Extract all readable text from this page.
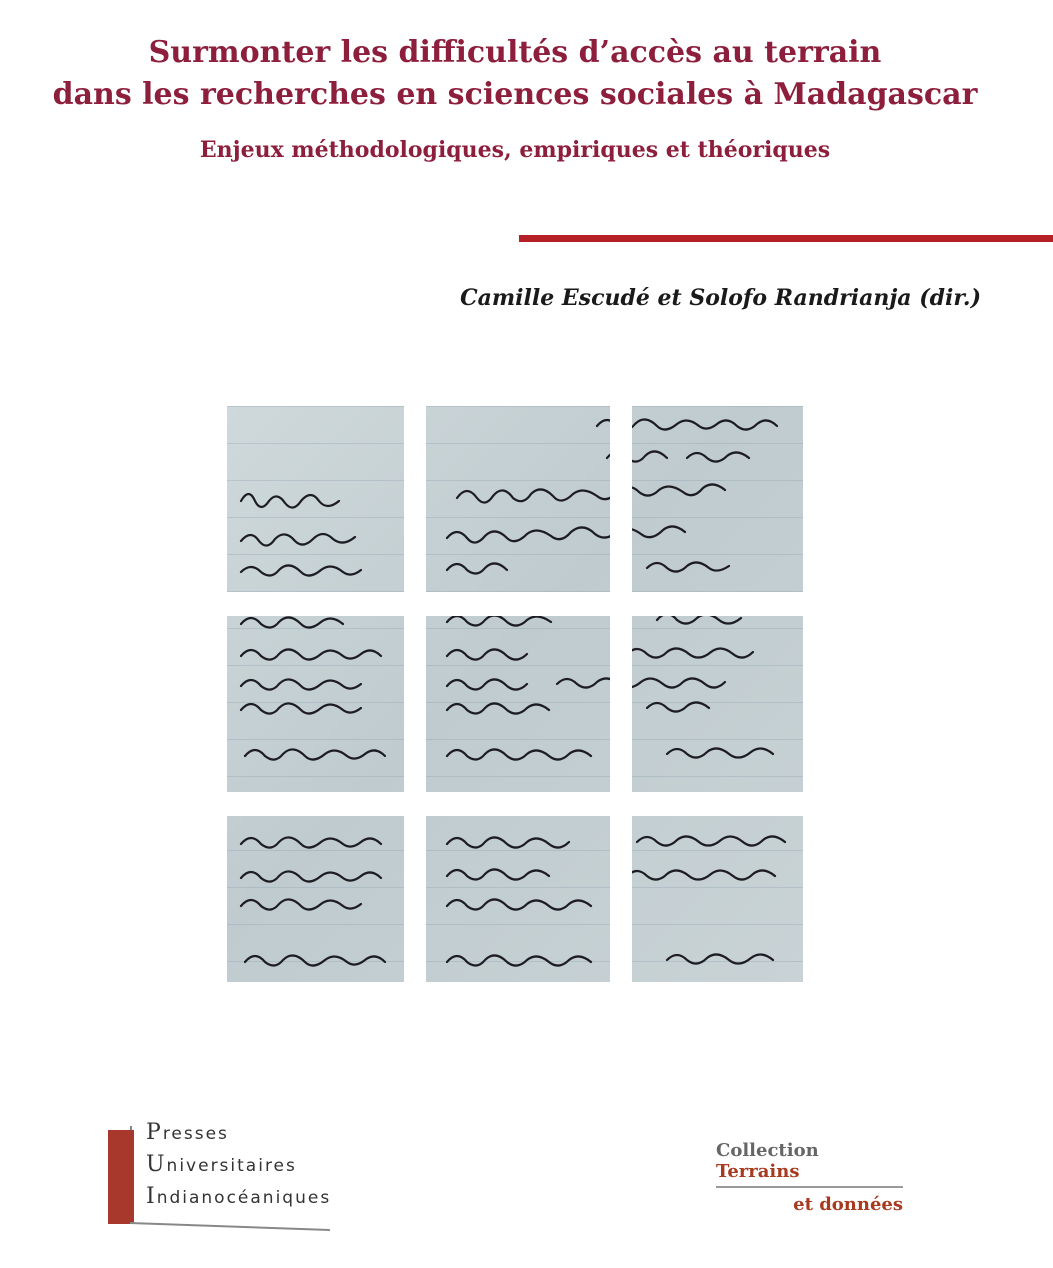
Surmonter les difficultés d’accès au terrain
dans les recherches en sciences sociales à Madagascar
Enjeux méthodologiques, empiriques et théoriques
Camille Escudé et Solofo Randrianja (dir.)
Presses
Universitaires
Indianocéaniques
Collection Terrains
et données
